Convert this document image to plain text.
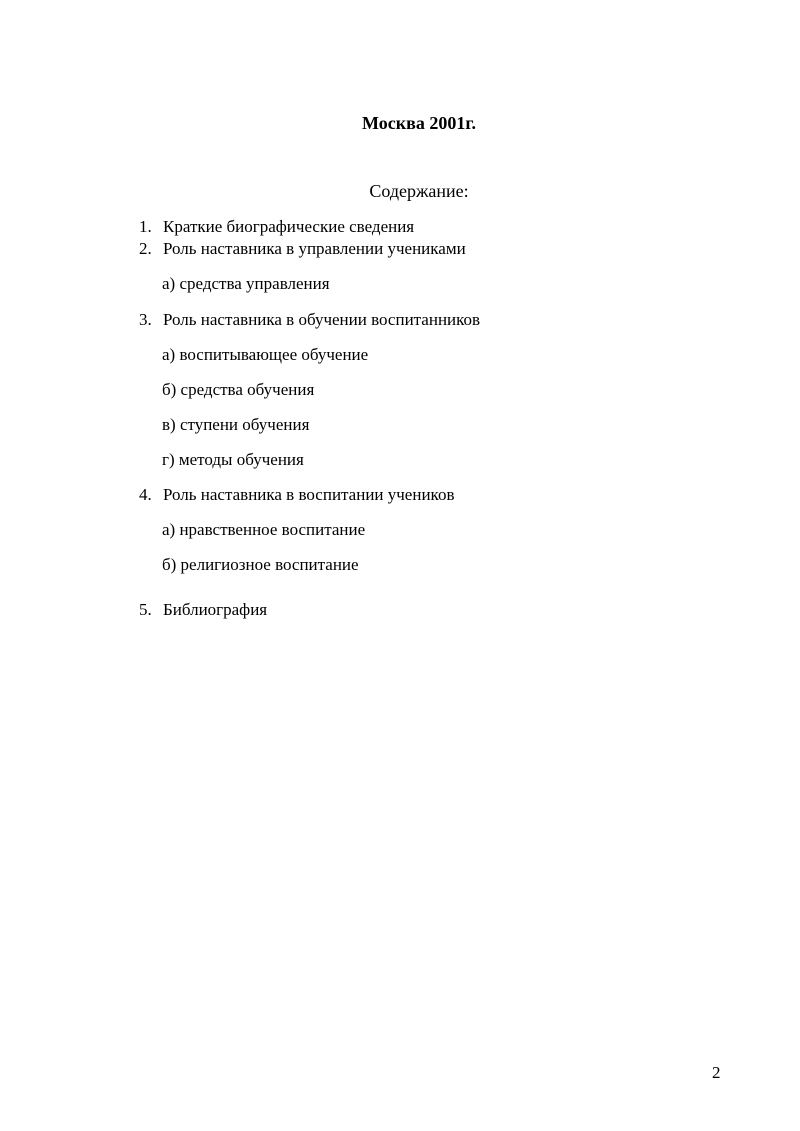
Москва 2001г.
Содержание:
1. Краткие биографические сведения
2. Роль наставника в управлении учениками
а) средства управления
3. Роль наставника в обучении воспитанников
а) воспитывающее обучение
б) средства обучения
в) ступени обучения
г) методы обучения
4. Роль наставника в воспитании учеников
а) нравственное воспитание
б) религиозное воспитание
5. Библиография
2
